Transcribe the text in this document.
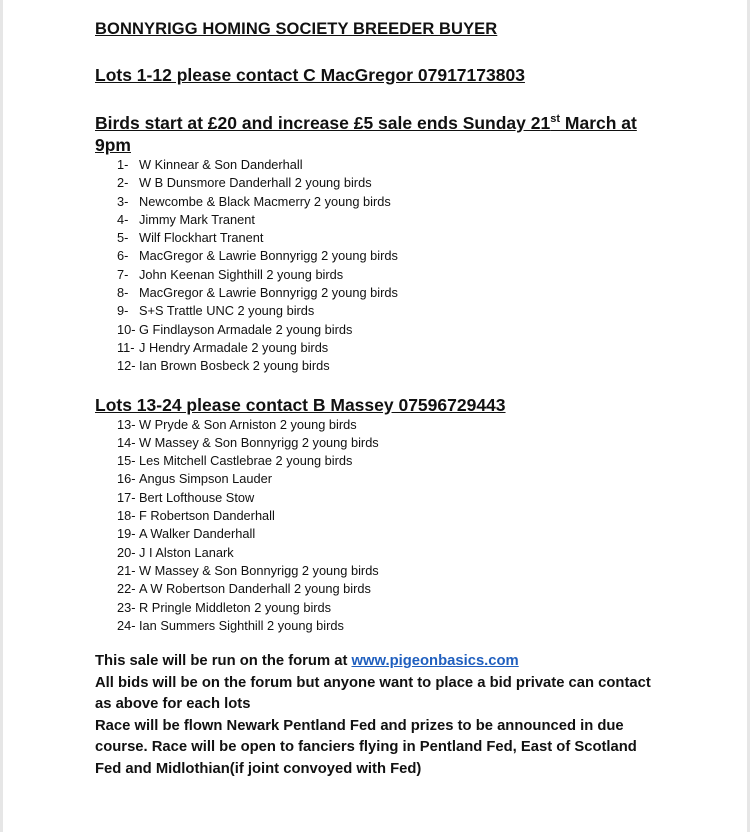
BONNYRIGG HOMING SOCIETY BREEDER BUYER
Lots 1-12 please contact C MacGregor 07917173803
Birds start at £20 and increase £5 sale ends Sunday 21st March at 9pm
1- W Kinnear & Son Danderhall
2- W B Dunsmore Danderhall 2 young birds
3- Newcombe & Black Macmerry 2 young birds
4- Jimmy Mark Tranent
5- Wilf Flockhart Tranent
6- MacGregor & Lawrie Bonnyrigg 2 young birds
7- John Keenan Sighthill 2 young birds
8- MacGregor & Lawrie Bonnyrigg 2 young birds
9- S+S Trattle UNC 2 young birds
10- G Findlayson Armadale 2 young birds
11- J Hendry Armadale 2 young birds
12- Ian Brown Bosbeck 2 young birds
Lots 13-24 please contact B Massey 07596729443
13- W Pryde & Son Arniston 2 young birds
14- W Massey & Son Bonnyrigg 2 young birds
15- Les Mitchell Castlebrae 2 young birds
16- Angus Simpson Lauder
17- Bert Lofthouse Stow
18- F Robertson Danderhall
19- A Walker Danderhall
20- J I Alston Lanark
21- W Massey & Son Bonnyrigg 2 young birds
22- A W Robertson Danderhall 2 young birds
23- R Pringle Middleton 2 young birds
24- Ian Summers Sighthill 2 young birds

This sale will be run on the forum at www.pigeonbasics.com

All bids will be on the forum but anyone want to place a bid private can contact as above for each lots

Race will be flown Newark Pentland Fed and prizes to be announced in due course. Race will be open to fanciers flying in Pentland Fed, East of Scotland Fed and Midlothian(if joint convoyed with Fed)
